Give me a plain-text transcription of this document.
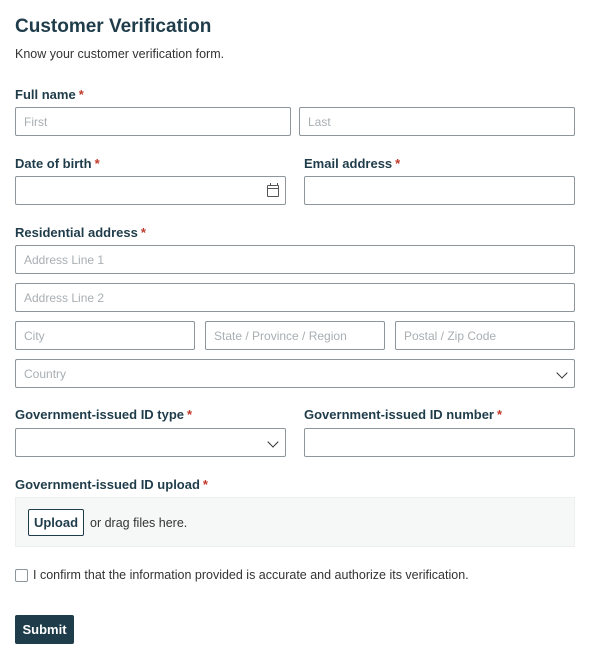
Customer Verification
Know your customer verification form.
Full name *
First	Last
Date of birth *	Email address *
Residential address *
Address Line 1
Address Line 2
City	State / Province / Region	Postal / Zip Code
Country
Government-issued ID type *	Government-issued ID number *
Government-issued ID upload *
Upload or drag files here.
I confirm that the information provided is accurate and authorize its verification.
Submit
